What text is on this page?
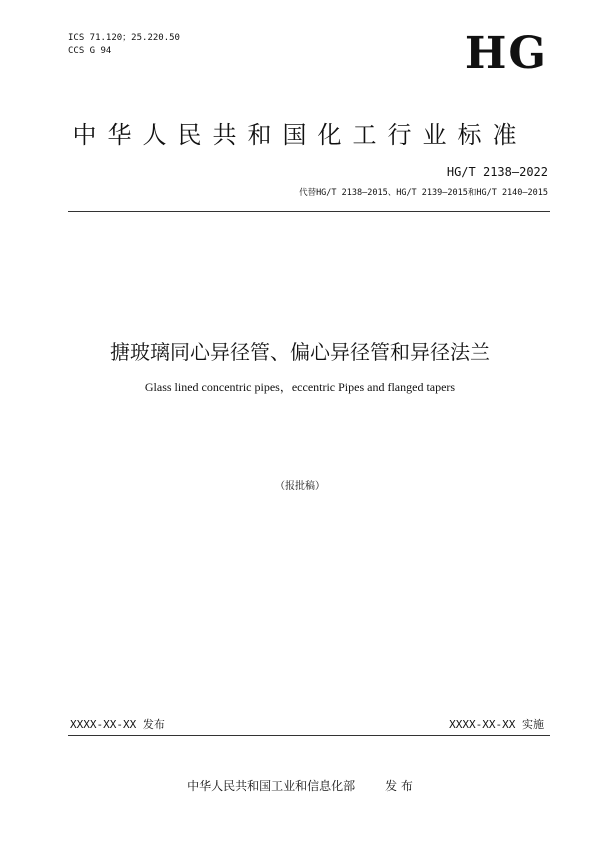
ICS 71.120；25.220.50
CCS G 94	HG
中华人民共和国化工行业标准
HG/T 2138—2022
代替HG/T 2138—2015、HG/T 2139—2015和HG/T 2140—2015
搪玻璃同心异径管、偏心异径管和异径法兰
Glass lined concentric pipes，eccentric Pipes and flanged tapers
（报批稿）
XXXX-XX-XX 发布	XXXX-XX-XX 实施
中华人民共和国工业和信息化部	发 布
